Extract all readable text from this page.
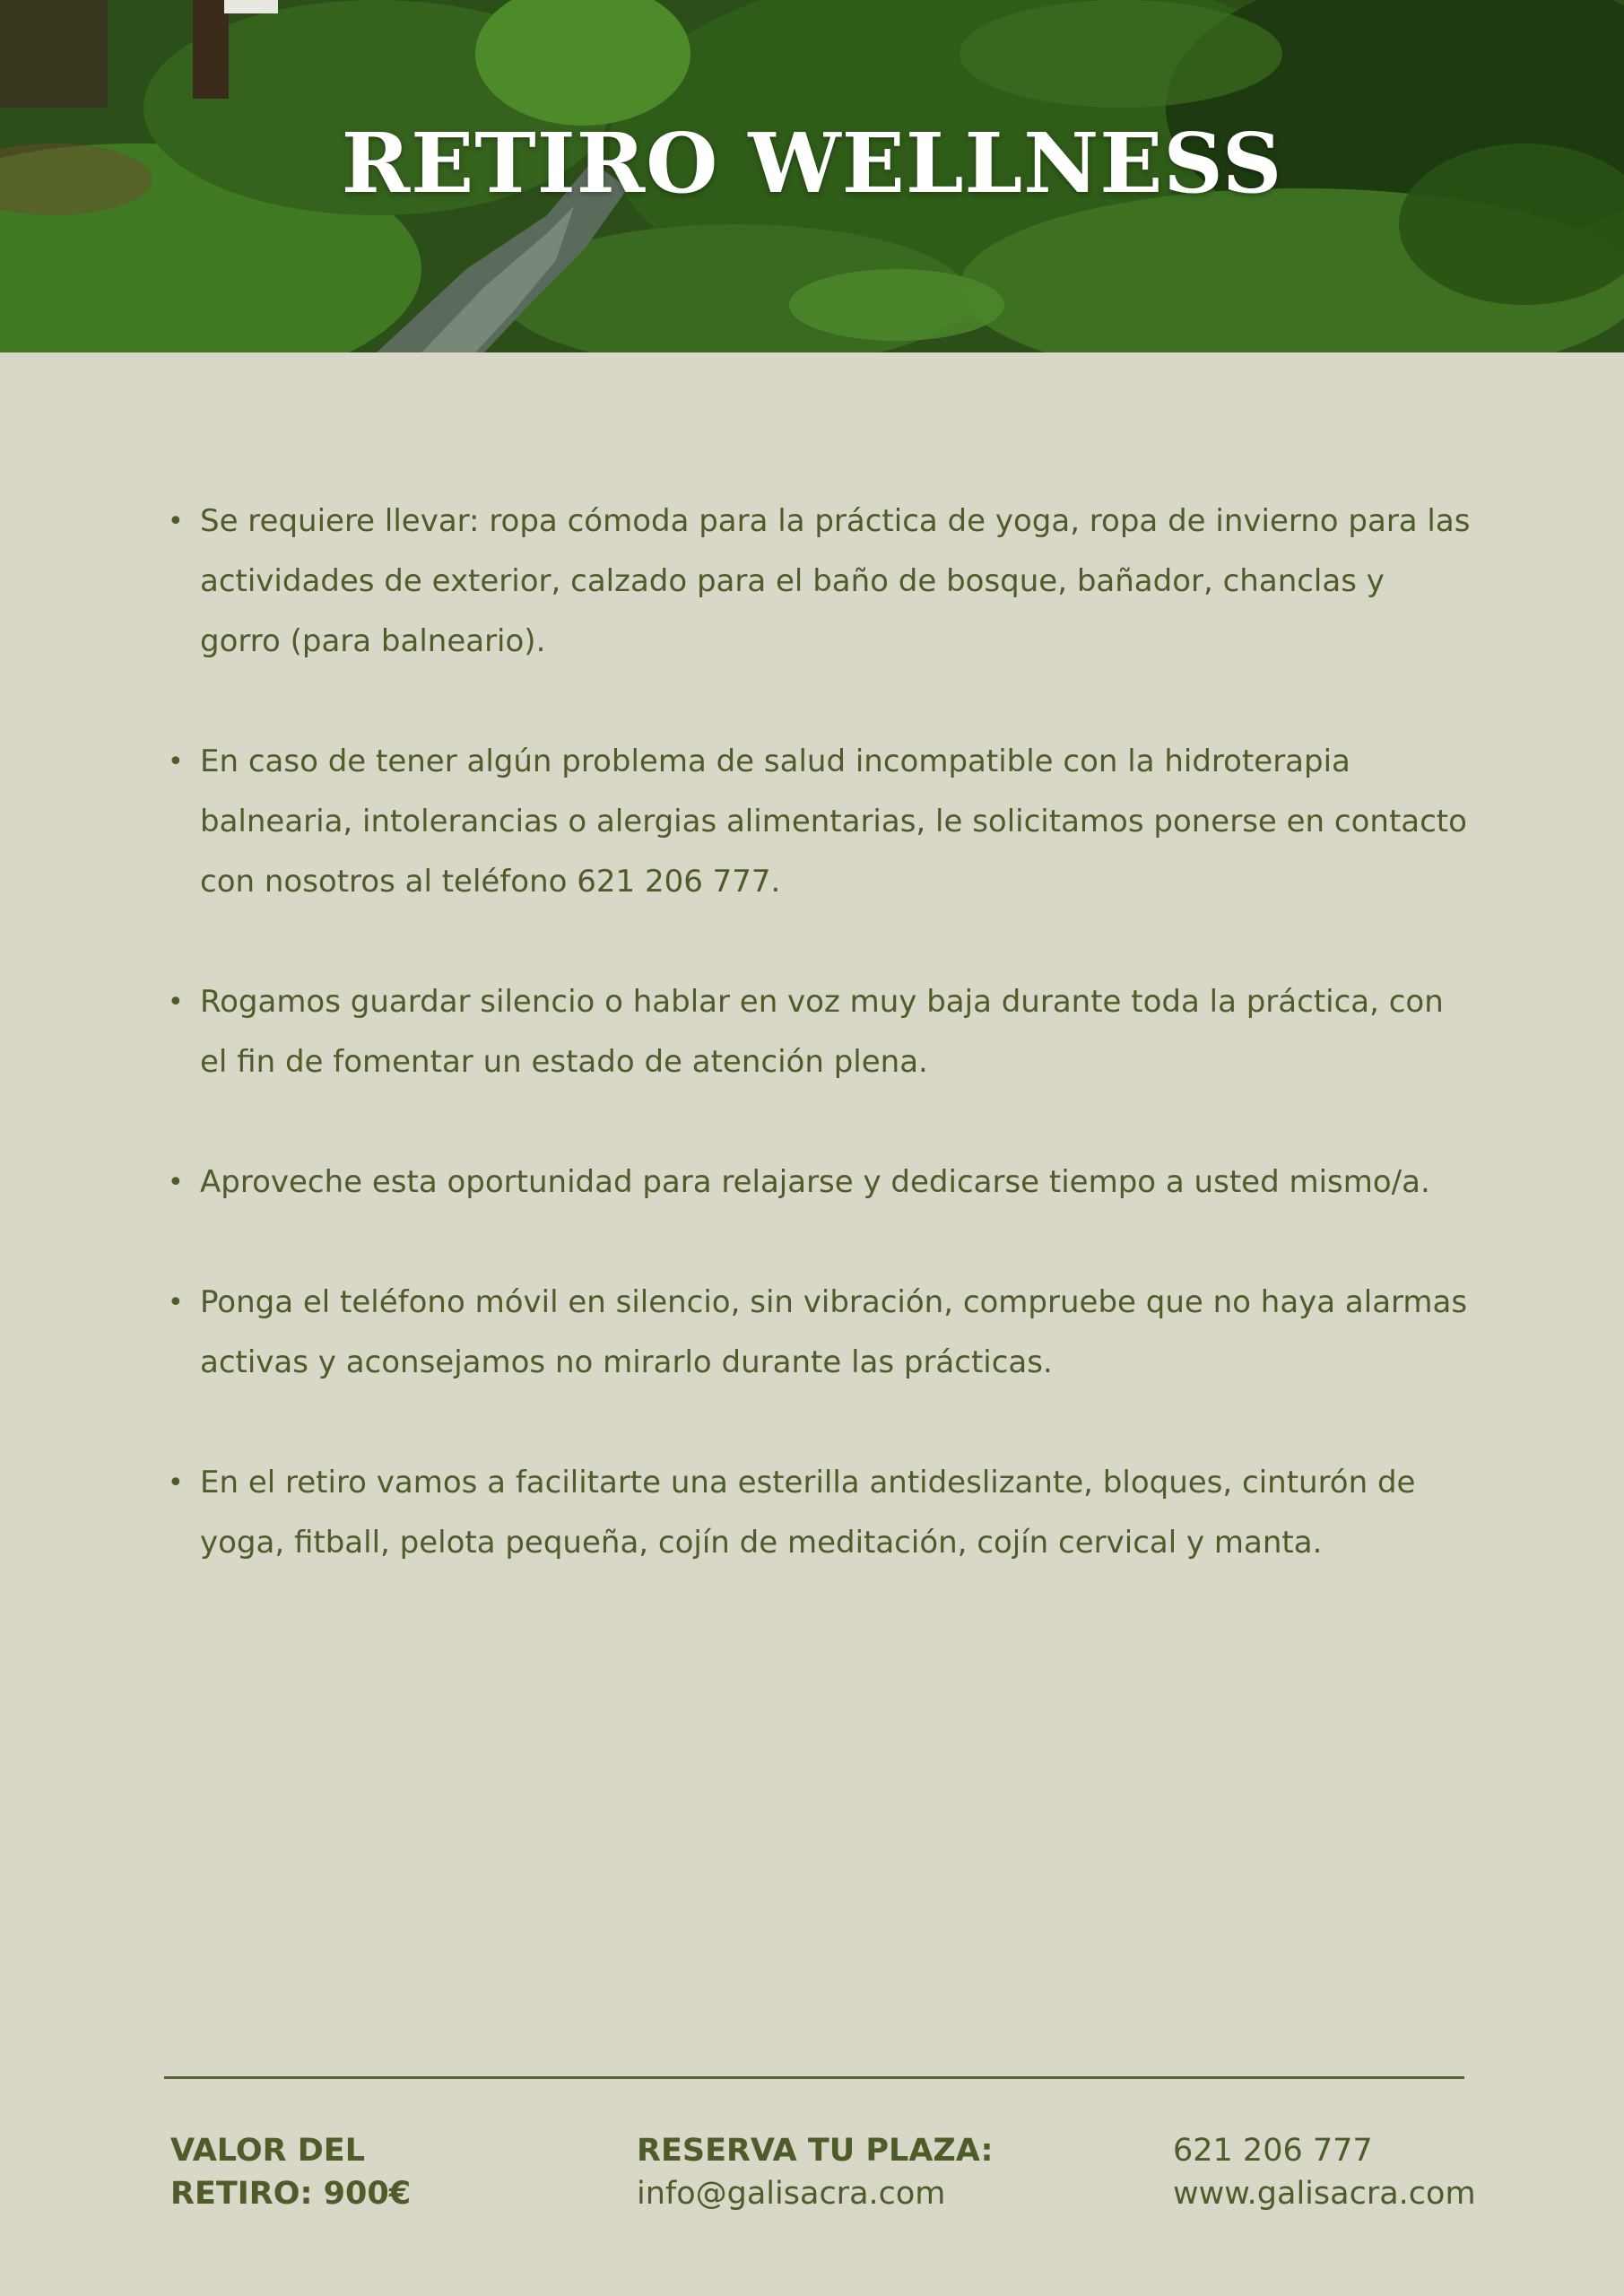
RETIRO WELLNESS
• Se requiere llevar: ropa cómoda para la práctica de yoga, ropa de invierno para las actividades de exterior, calzado para el baño de bosque, bañador, chanclas y gorro (para balneario).
• En caso de tener algún problema de salud incompatible con la hidroterapia balnearia, intolerancias o alergias alimentarias, le solicitamos ponerse en contacto con nosotros al teléfono 621 206 777.
• Rogamos guardar silencio o hablar en voz muy baja durante toda la práctica, con el fin de fomentar un estado de atención plena.
• Aproveche esta oportunidad para relajarse y dedicarse tiempo a usted mismo/a.
• Ponga el teléfono móvil en silencio, sin vibración, compruebe que no haya alarmas activas y aconsejamos no mirarlo durante las prácticas.
• En el retiro vamos a facilitarte una esterilla antideslizante, bloques, cinturón de yoga, fitball, pelota pequeña, cojín de meditación, cojín cervical y manta.
VALOR DEL
RETIRO: 900€
RESERVA TU PLAZA:
info@galisacra.com
621 206 777
www.galisacra.com
